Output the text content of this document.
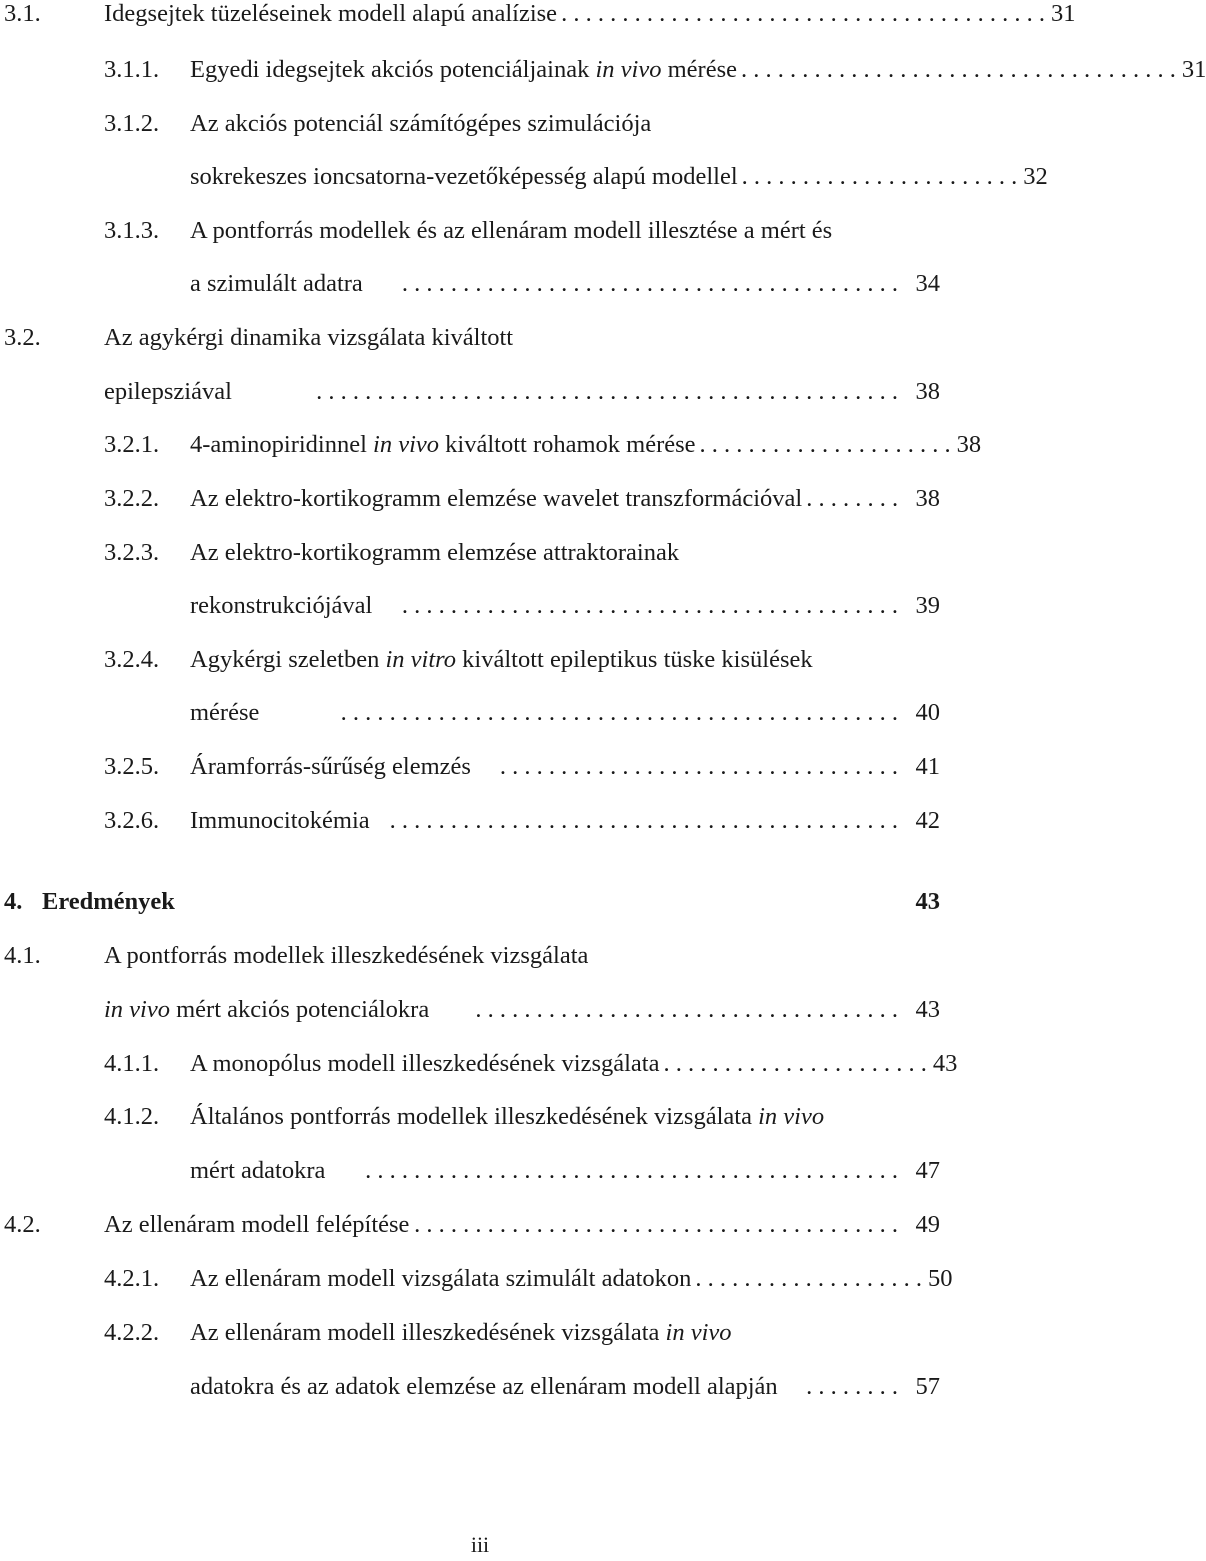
3.1.	Idegsejtek tüzeléseinek modell alapú analízise . . . . . . . . . . . . . . . . . . . . . . . . . . . . . . . . . . . . . . . . 31
3.1.1. Egyedi idegsejtek akciós potenciáljainak in vivo mérése . . . . . . . . . . . . . . . . . . . . . . . . . . . . . . . . . . . . 31
3.1.2. Az akciós potenciál számítógépes szimulációja
sokrekeszes ioncsatorna-vezetőképesség alapú modellel . . . . . . . . . . . . . . . . . . . . . . . 32
3.1.3. A pontforrás modellek és az ellenáram modell illesztése a mért és
a szimulált adatra	. . . . . . . . . . . . . . . . . . . . . . . . . . . . . . . . . . . . . . . . . 34
3.2.	Az agykérgi dinamika vizsgálata kiváltott
epilepsziával	. . . . . . . . . . . . . . . . . . . . . . . . . . . . . . . . . . . . . . . . . . . . . . . . 38
3.2.1. 4-aminopiridinnel in vivo kiváltott rohamok mérése . . . . . . . . . . . . . . . . . . . . . 38
3.2.2. Az elektro-kortikogramm elemzése wavelet transzformációval . . . . . . . . 38
3.2.3. Az elektro-kortikogramm elemzése attraktorainak
rekonstrukciójával	. . . . . . . . . . . . . . . . . . . . . . . . . . . . . . . . . . . . . . . . . 39
3.2.4. Agykérgi szeletben in vitro kiváltott epileptikus tüske kisülések
mérése	. . . . . . . . . . . . . . . . . . . . . . . . . . . . . . . . . . . . . . . . . . . . . . 40
3.2.5. Áramforrás-sűrűség elemzés	. . . . . . . . . . . . . . . . . . . . . . . . . . . . . . . . . 41
3.2.6. Immunocitokémia . . . . . . . . . . . . . . . . . . . . . . . . . . . . . . . . . . . . . . . . . . 42
4. Eredmények	43
4.1.	A pontforrás modellek illeszkedésének vizsgálata
in vivo mért akciós potenciálokra	. . . . . . . . . . . . . . . . . . . . . . . . . . . . . . . . . . . 43
4.1.1. A monopólus modell illeszkedésének vizsgálata . . . . . . . . . . . . . . . . . . . . . . 43
4.1.2. Általános pontforrás modellek illeszkedésének vizsgálata in vivo
mért adatokra	. . . . . . . . . . . . . . . . . . . . . . . . . . . . . . . . . . . . . . . . . . . . 47
4.2.	Az ellenáram modell felépítése . . . . . . . . . . . . . . . . . . . . . . . . . . . . . . . . . . . . . . . . 49
4.2.1. Az ellenáram modell vizsgálata szimulált adatokon . . . . . . . . . . . . . . . . . . . 50
4.2.2. Az ellenáram modell illeszkedésének vizsgálata in vivo
adatokra és az adatok elemzése az ellenáram modell alapján	. . . . . . . . 57
iii
